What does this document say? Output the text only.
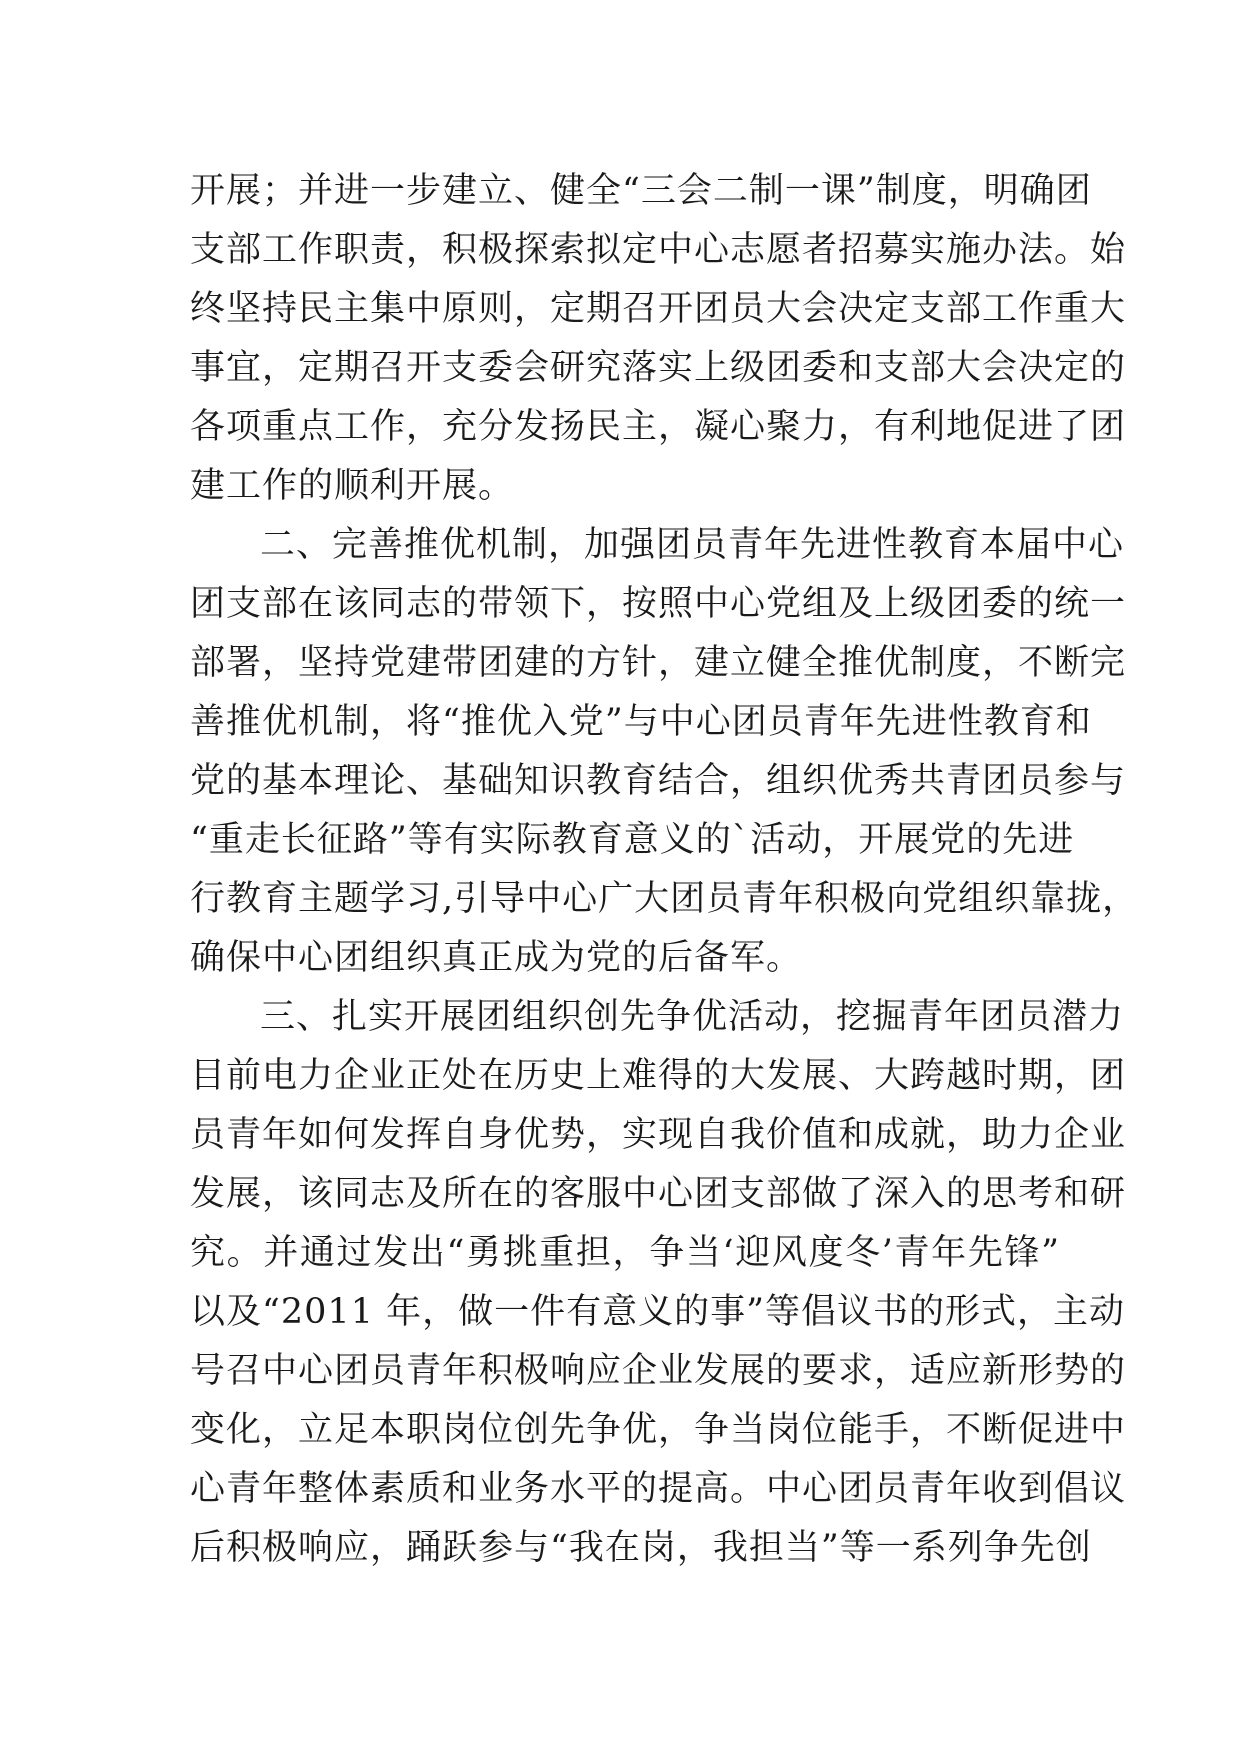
开展；并进一步建立、健全“三会二制一课”制度，明确团
支部工作职责，积极探索拟定中心志愿者招募实施办法。始
终坚持民主集中原则，定期召开团员大会决定支部工作重大
事宜，定期召开支委会研究落实上级团委和支部大会决定的
各项重点工作，充分发扬民主，凝心聚力，有利地促进了团
建工作的顺利开展。
二、完善推优机制，加强团员青年先进性教育本届中心
团支部在该同志的带领下，按照中心党组及上级团委的统一
部署，坚持党建带团建的方针，建立健全推优制度，不断完
善推优机制，将“推优入党”与中心团员青年先进性教育和
党的基本理论、基础知识教育结合，组织优秀共青团员参与
“重走长征路”等有实际教育意义的`活动，开展党的先进
行教育主题学习,引导中心广大团员青年积极向党组织靠拢，
确保中心团组织真正成为党的后备军。
三、扎实开展团组织创先争优活动，挖掘青年团员潜力
目前电力企业正处在历史上难得的大发展、大跨越时期，团
员青年如何发挥自身优势，实现自我价值和成就，助力企业
发展，该同志及所在的客服中心团支部做了深入的思考和研
究。并通过发出“勇挑重担，争当‘迎风度冬’青年先锋”
以及“2011 年，做一件有意义的事”等倡议书的形式，主动
号召中心团员青年积极响应企业发展的要求，适应新形势的
变化，立足本职岗位创先争优，争当岗位能手，不断促进中
心青年整体素质和业务水平的提高。中心团员青年收到倡议
后积极响应，踊跃参与“我在岗，我担当”等一系列争先创
